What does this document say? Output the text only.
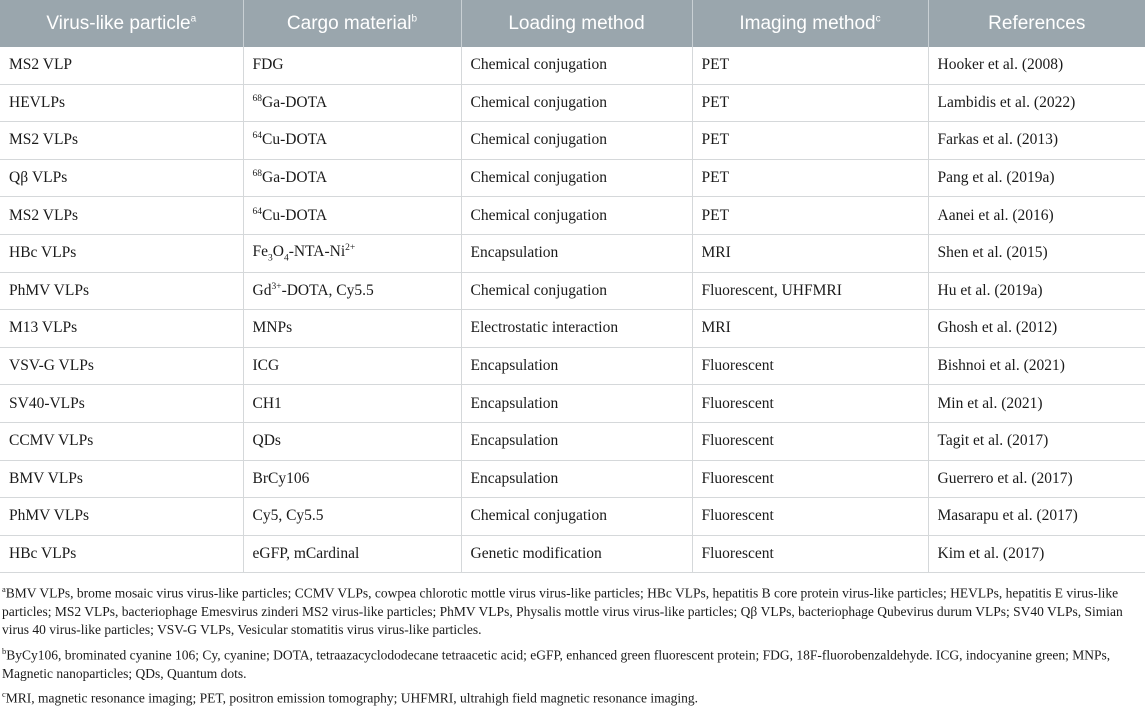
Virus-like particle$^a$	Cargo material$^b$	Loading method	Imaging method$^c$	References
MS2 VLP	FDG	Chemical conjugation	PET	Hooker et al. (2008)
HEVLPs	$^{68}$Ga-DOTA	Chemical conjugation	PET	Lambidis et al. (2022)
MS2 VLPs	$^{64}$Cu-DOTA	Chemical conjugation	PET	Farkas et al. (2013)
Qβ VLPs	$^{68}$Ga-DOTA	Chemical conjugation	PET	Pang et al. (2019a)
MS2 VLPs	$^{64}$Cu-DOTA	Chemical conjugation	PET	Aanei et al. (2016)
HBc VLPs	$Fe_3O_4-NTA-Ni^{2+}$	Encapsulation	MRI	Shen et al. (2015)
PhMV VLPs	$Gd^{3+}$-DOTA, Cy5.5	Chemical conjugation	Fluorescent, UHFMRI	Hu et al. (2019a)
M13 VLPs	MNPs	Electrostatic interaction	MRI	Ghosh et al. (2012)
VSV-G VLPs	ICG	Encapsulation	Fluorescent	Bishnoi et al. (2021)
SV40-VLPs	CH1	Encapsulation	Fluorescent	Min et al. (2021)
CCMV VLPs	QDs	Encapsulation	Fluorescent	Tagit et al. (2017)
BMV VLPs	BrCy106	Encapsulation	Fluorescent	Guerrero et al. (2017)
PhMV VLPs	Cy5, Cy5.5	Chemical conjugation	Fluorescent	Masarapu et al. (2017)
HBc VLPs	eGFP, mCardinal	Genetic modification	Fluorescent	Kim et al. (2017)

$^a$BMV VLPs, brome mosaic virus virus-like particles; CCMV VLPs, cowpea chlorotic mottle virus virus-like particles; HBc VLPs, hepatitis B core protein virus-like particles; HEVLPs, hepatitis E virus-like particles; MS2 VLPs, bacteriophage Emesvirus zinderi MS2 virus-like particles; PhMV VLPs, Physalis mottle virus virus-like particles; Qβ VLPs, bacteriophage Qubevirus durum VLPs; SV40 VLPs, Simian virus 40 virus-like particles; VSV-G VLPs, Vesicular stomatitis virus virus-like particles.

$^b$ByCy106, brominated cyanine 106; Cy, cyanine; DOTA, tetraazacyclododecane tetraacetic acid; eGFP, enhanced green fluorescent protein; FDG, 18F-fluorobenzaldehyde. ICG, indocyanine green; MNPs, Magnetic nanoparticles; QDs, Quantum dots.

$^c$MRI, magnetic resonance imaging; PET, positron emission tomography; UHFMRI, ultrahigh field magnetic resonance imaging.
